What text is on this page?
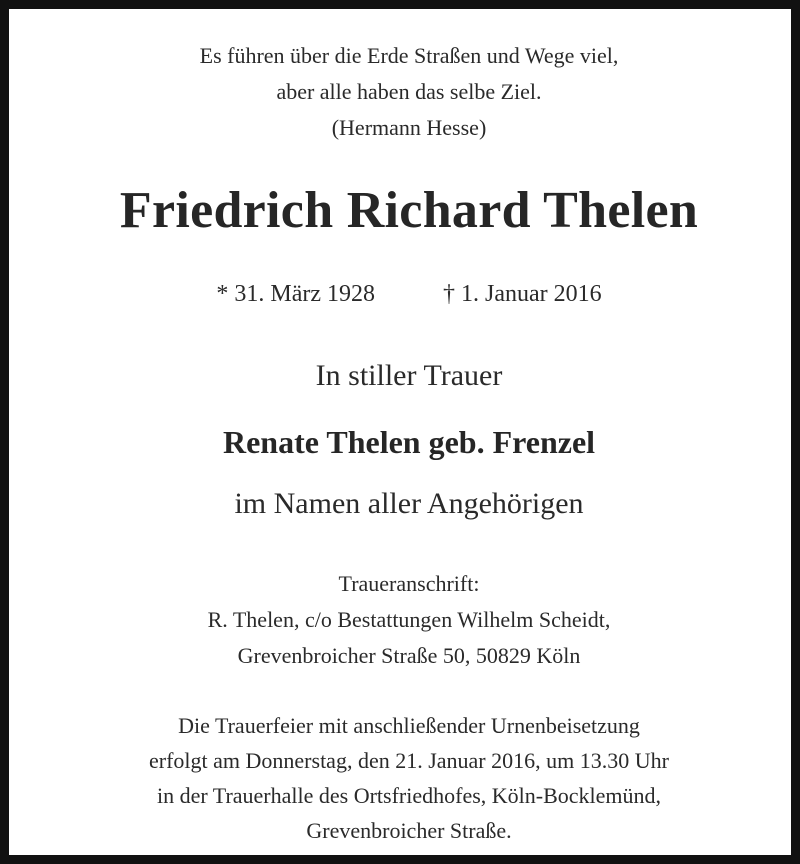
Es führen über die Erde Straßen und Wege viel,
aber alle haben das selbe Ziel.
(Hermann Hesse)
Friedrich Richard Thelen
* 31. März 1928	† 1. Januar 2016
In stiller Trauer
Renate Thelen geb. Frenzel
im Namen aller Angehörigen
Traueranschrift:
R. Thelen, c/o Bestattungen Wilhelm Scheidt,
Grevenbroicher Straße 50, 50829 Köln
Die Trauerfeier mit anschließender Urnenbeisetzung
erfolgt am Donnerstag, den 21. Januar 2016, um 13.30 Uhr
in der Trauerhalle des Ortsfriedhofes, Köln-Bocklemünd,
Grevenbroicher Straße.
